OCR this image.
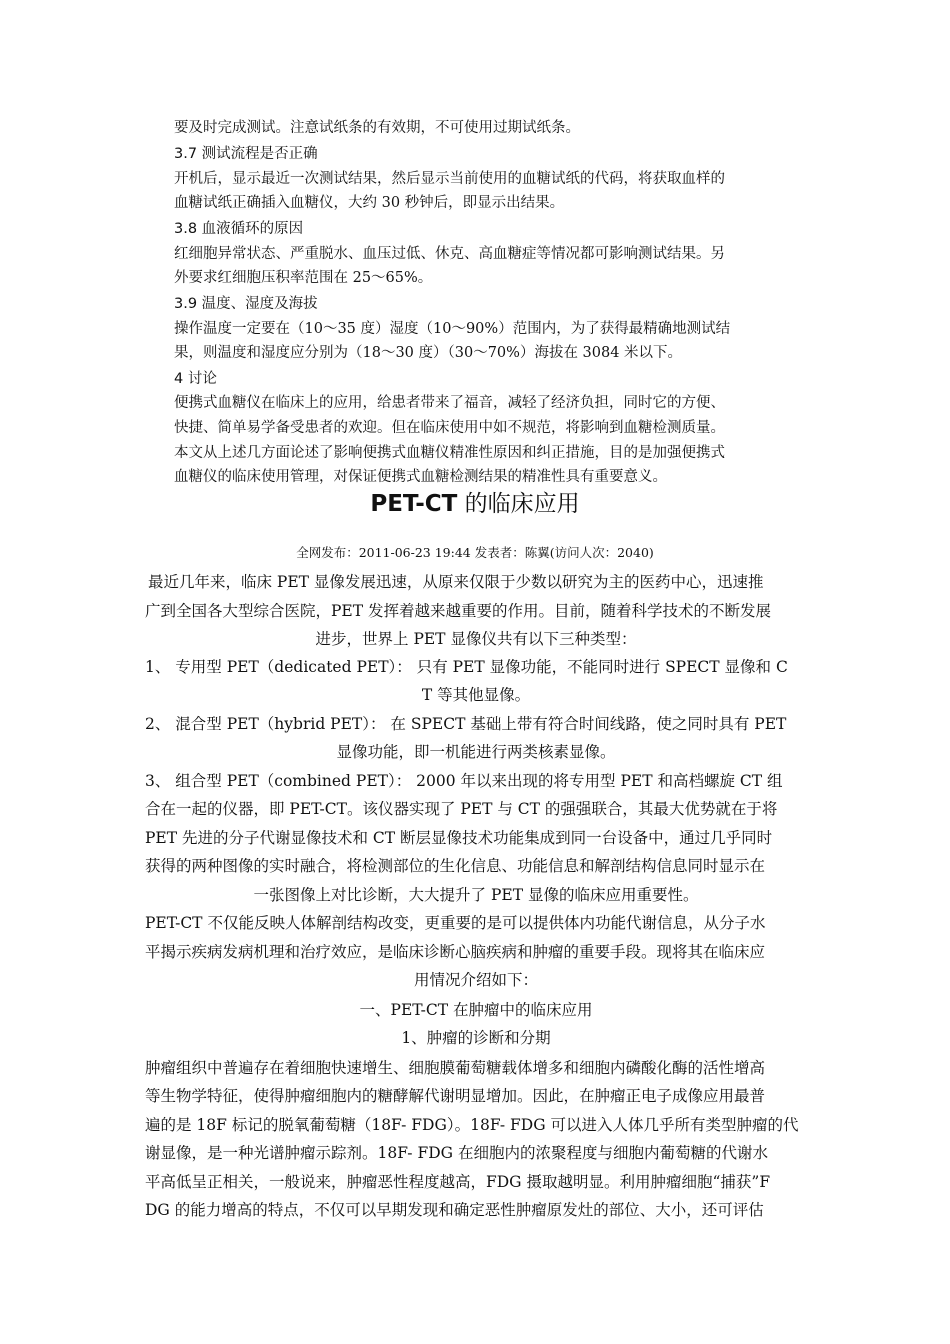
要及时完成测试。注意试纸条的有效期，不可使用过期试纸条。

3.7 测试流程是否正确

开机后，显示最近一次测试结果，然后显示当前使用的血糖试纸的代码，将获取血样的

血糖试纸正确插入血糖仪，大约 30 秒钟后，即显示出结果。

3.8 血液循环的原因

红细胞异常状态、严重脱水、血压过低、休克、高血糖症等情况都可影响测试结果。另

外要求红细胞压积率范围在 25～65%。

3.9 温度、湿度及海拔

操作温度一定要在（10～35 度）湿度（10～90%）范围内，为了获得最精确地测试结

果，则温度和湿度应分别为（18～30 度）（30～70%）海拔在 3084 米以下。

4 讨论

便携式血糖仪在临床上的应用，给患者带来了福音，减轻了经济负担，同时它的方便、

快捷、简单易学备受患者的欢迎。但在临床使用中如不规范，将影响到血糖检测质量。

本文从上述几方面论述了影响便携式血糖仪精准性原因和纠正措施，目的是加强便携式

血糖仪的临床使用管理，对保证便携式血糖检测结果的精准性具有重要意义。

PET-CT 的临床应用
全网发布：2011-06-23 19:44 发表者：陈翼(访问人次：2040)
最近几年来，临床 PET 显像发展迅速，从原来仅限于少数以研究为主的医药中心，迅速推
广到全国各大型综合医院，PET 发挥着越来越重要的作用。目前，随着科学技术的不断发展
进步，世界上 PET 显像仪共有以下三种类型：
1、 专用型 PET（dedicated PET）： 只有 PET 显像功能，不能同时进行 SPECT 显像和 C
T 等其他显像。
2、 混合型 PET（hybrid PET）： 在 SPECT 基础上带有符合时间线路，使之同时具有 PET
显像功能，即一机能进行两类核素显像。
3、 组合型 PET（combined PET）： 2000 年以来出现的将专用型 PET 和高档螺旋 CT 组
合在一起的仪器，即 PET-CT。该仪器实现了 PET 与 CT 的强强联合，其最大优势就在于将
PET 先进的分子代谢显像技术和 CT 断层显像技术功能集成到同一台设备中，通过几乎同时
获得的两种图像的实时融合，将检测部位的生化信息、功能信息和解剖结构信息同时显示在
一张图像上对比诊断，大大提升了 PET 显像的临床应用重要性。
PET-CT 不仅能反映人体解剖结构改变，更重要的是可以提供体内功能代谢信息，从分子水
平揭示疾病发病机理和治疗效应，是临床诊断心脑疾病和肿瘤的重要手段。现将其在临床应
用情况介绍如下：
一、PET-CT 在肿瘤中的临床应用
1、肿瘤的诊断和分期
肿瘤组织中普遍存在着细胞快速增生、细胞膜葡萄糖载体增多和细胞内磷酸化酶的活性增高
等生物学特征，使得肿瘤细胞内的糖酵解代谢明显增加。因此，在肿瘤正电子成像应用最普
遍的是 18F 标记的脱氧葡萄糖（18F- FDG）。18F- FDG 可以进入人体几乎所有类型肿瘤的代
谢显像，是一种光谱肿瘤示踪剂。18F- FDG 在细胞内的浓聚程度与细胞内葡萄糖的代谢水
平高低呈正相关，一般说来，肿瘤恶性程度越高，FDG 摄取越明显。利用肿瘤细胞“捕获”F
DG 的能力增高的特点，不仅可以早期发现和确定恶性肿瘤原发灶的部位、大小，还可评估
